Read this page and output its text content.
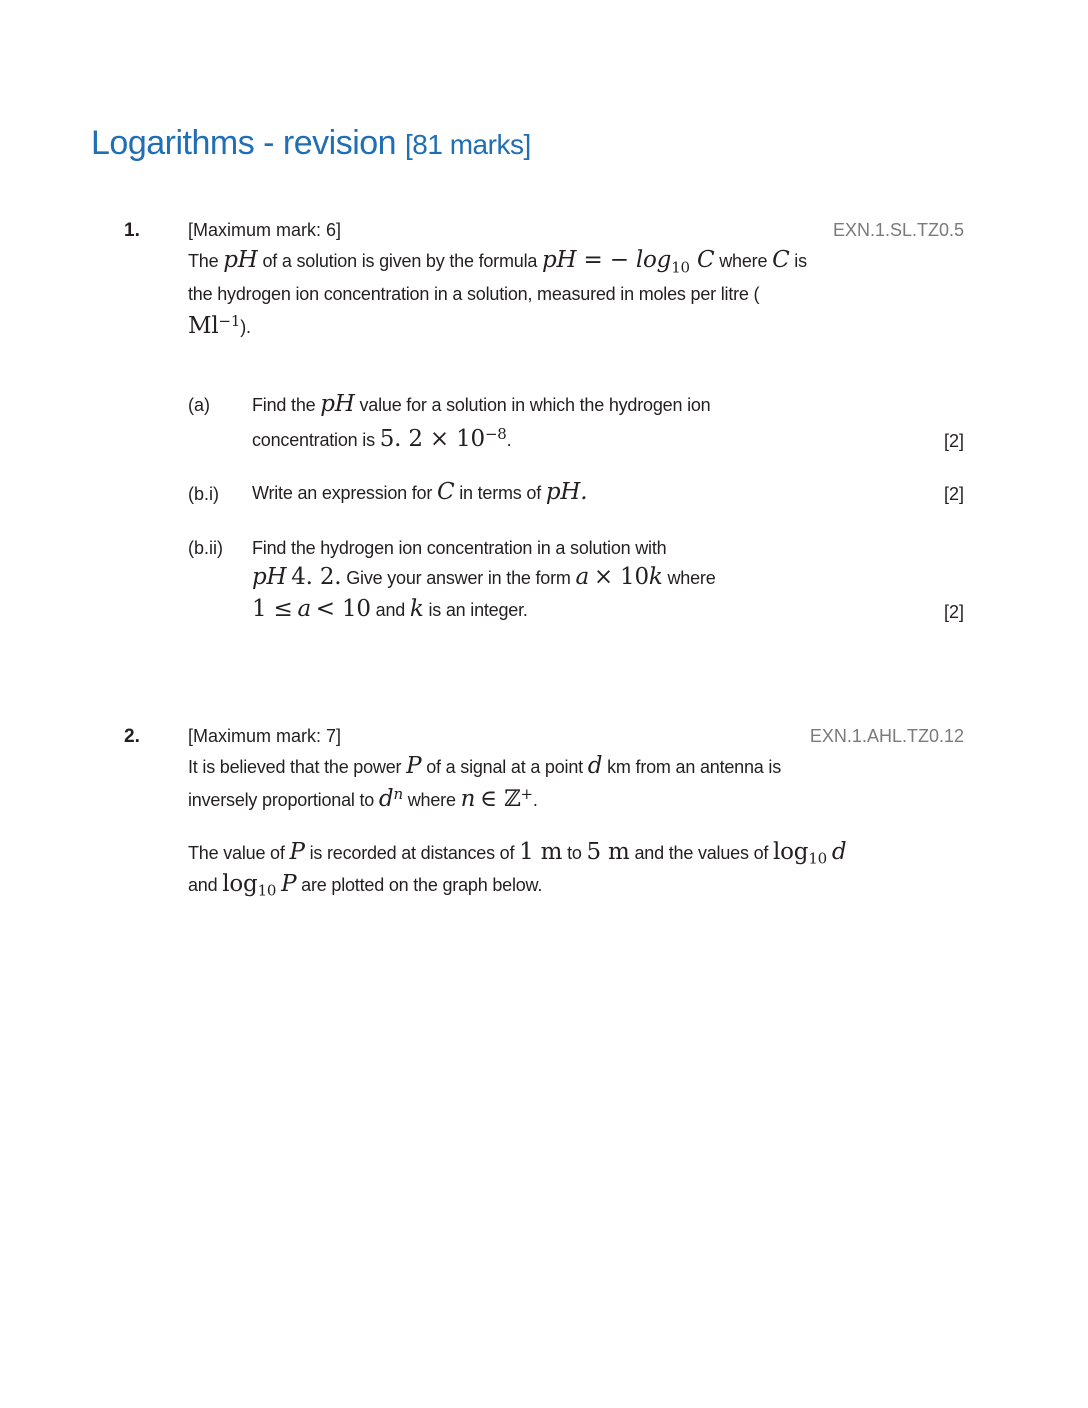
Logarithms - revision [81 marks]
1.	[Maximum mark: 6]	EXN.1.SL.TZ0.5
The pH of a solution is given by the formula pH = − $\log_{10} C$ where C is
the hydrogen ion concentration in a solution, measured in moles per litre (
$Ml^{-1}$).
(a) Find the pH value for a solution in which the hydrogen ion
concentration is 5. $2 \times 10^{-8}$.	[2]
(b.i) Write an expression for C in terms of pH.	[2]
(b.ii) Find the hydrogen ion concentration in a solution with
pH 4. 2. Give your answer in the form a × 10k where
1 ≤ a < 10 and k is an integer.	[2]
2.	[Maximum mark: 7]	EXN.1.AHL.TZ0.12
It is believed that the power P of a signal at a point d km from an antenna is
inversely proportional to $d^n$ where n ∈ ℤ+.
The value of P is recorded at distances of 1 m to 5 m and the values of $\log_{10} d$
and $\log_{10} P$ are plotted on the graph below.
